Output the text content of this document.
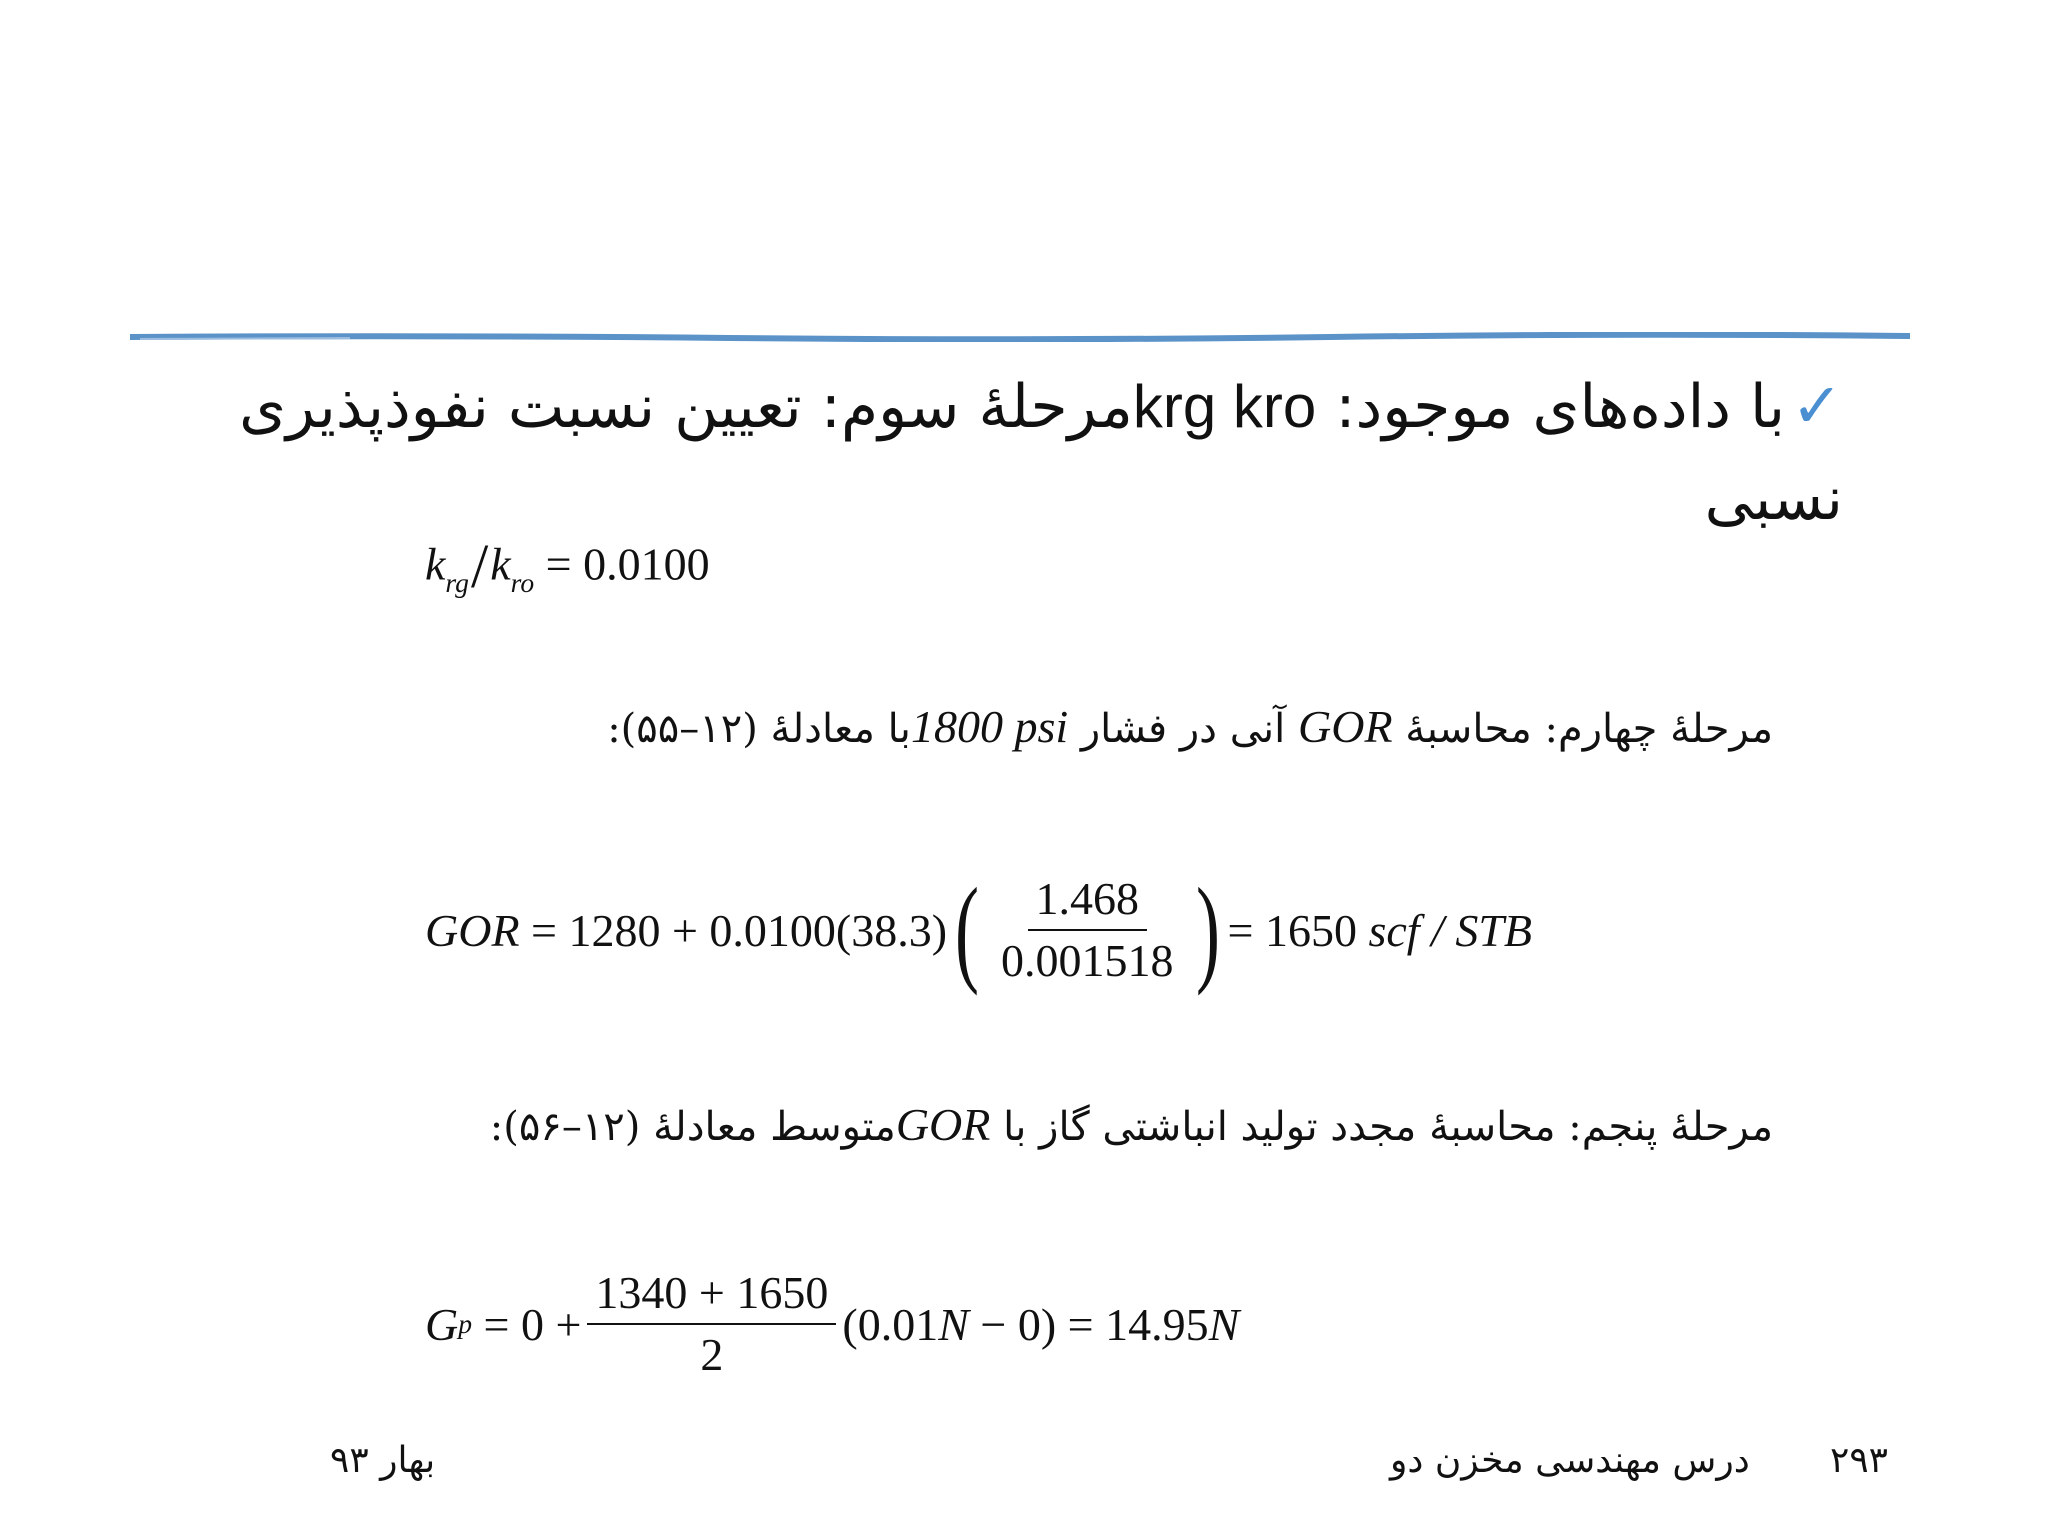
✓با داده‌های موجود: krg kroمرحلهٔ سوم: تعیین نسبت نفوذپذیری
نسبی
$k_{rg}/k_{ro} = 0.0100$
مرحلهٔ چهارم: محاسبهٔ GOR آنی در فشار 1800 psiبا معادلهٔ (۱۲–۵۵):
GOR
= 1280 + 0.0100(38.3) ( $\frac{1.468}{0.001518}$ ) = 1650
scf / STB
مرحلهٔ پنجم: محاسبهٔ مجدد تولید انباشتی گاز با GORمتوسط معادلهٔ (۱۲–۵۶):
G p
= $0 + \frac{1340 + 1650}{2} (0.01$ N
− 0) = 14.95 N
بهار ۹۳	درس مهندسی مخزن دو ۲۹۳
